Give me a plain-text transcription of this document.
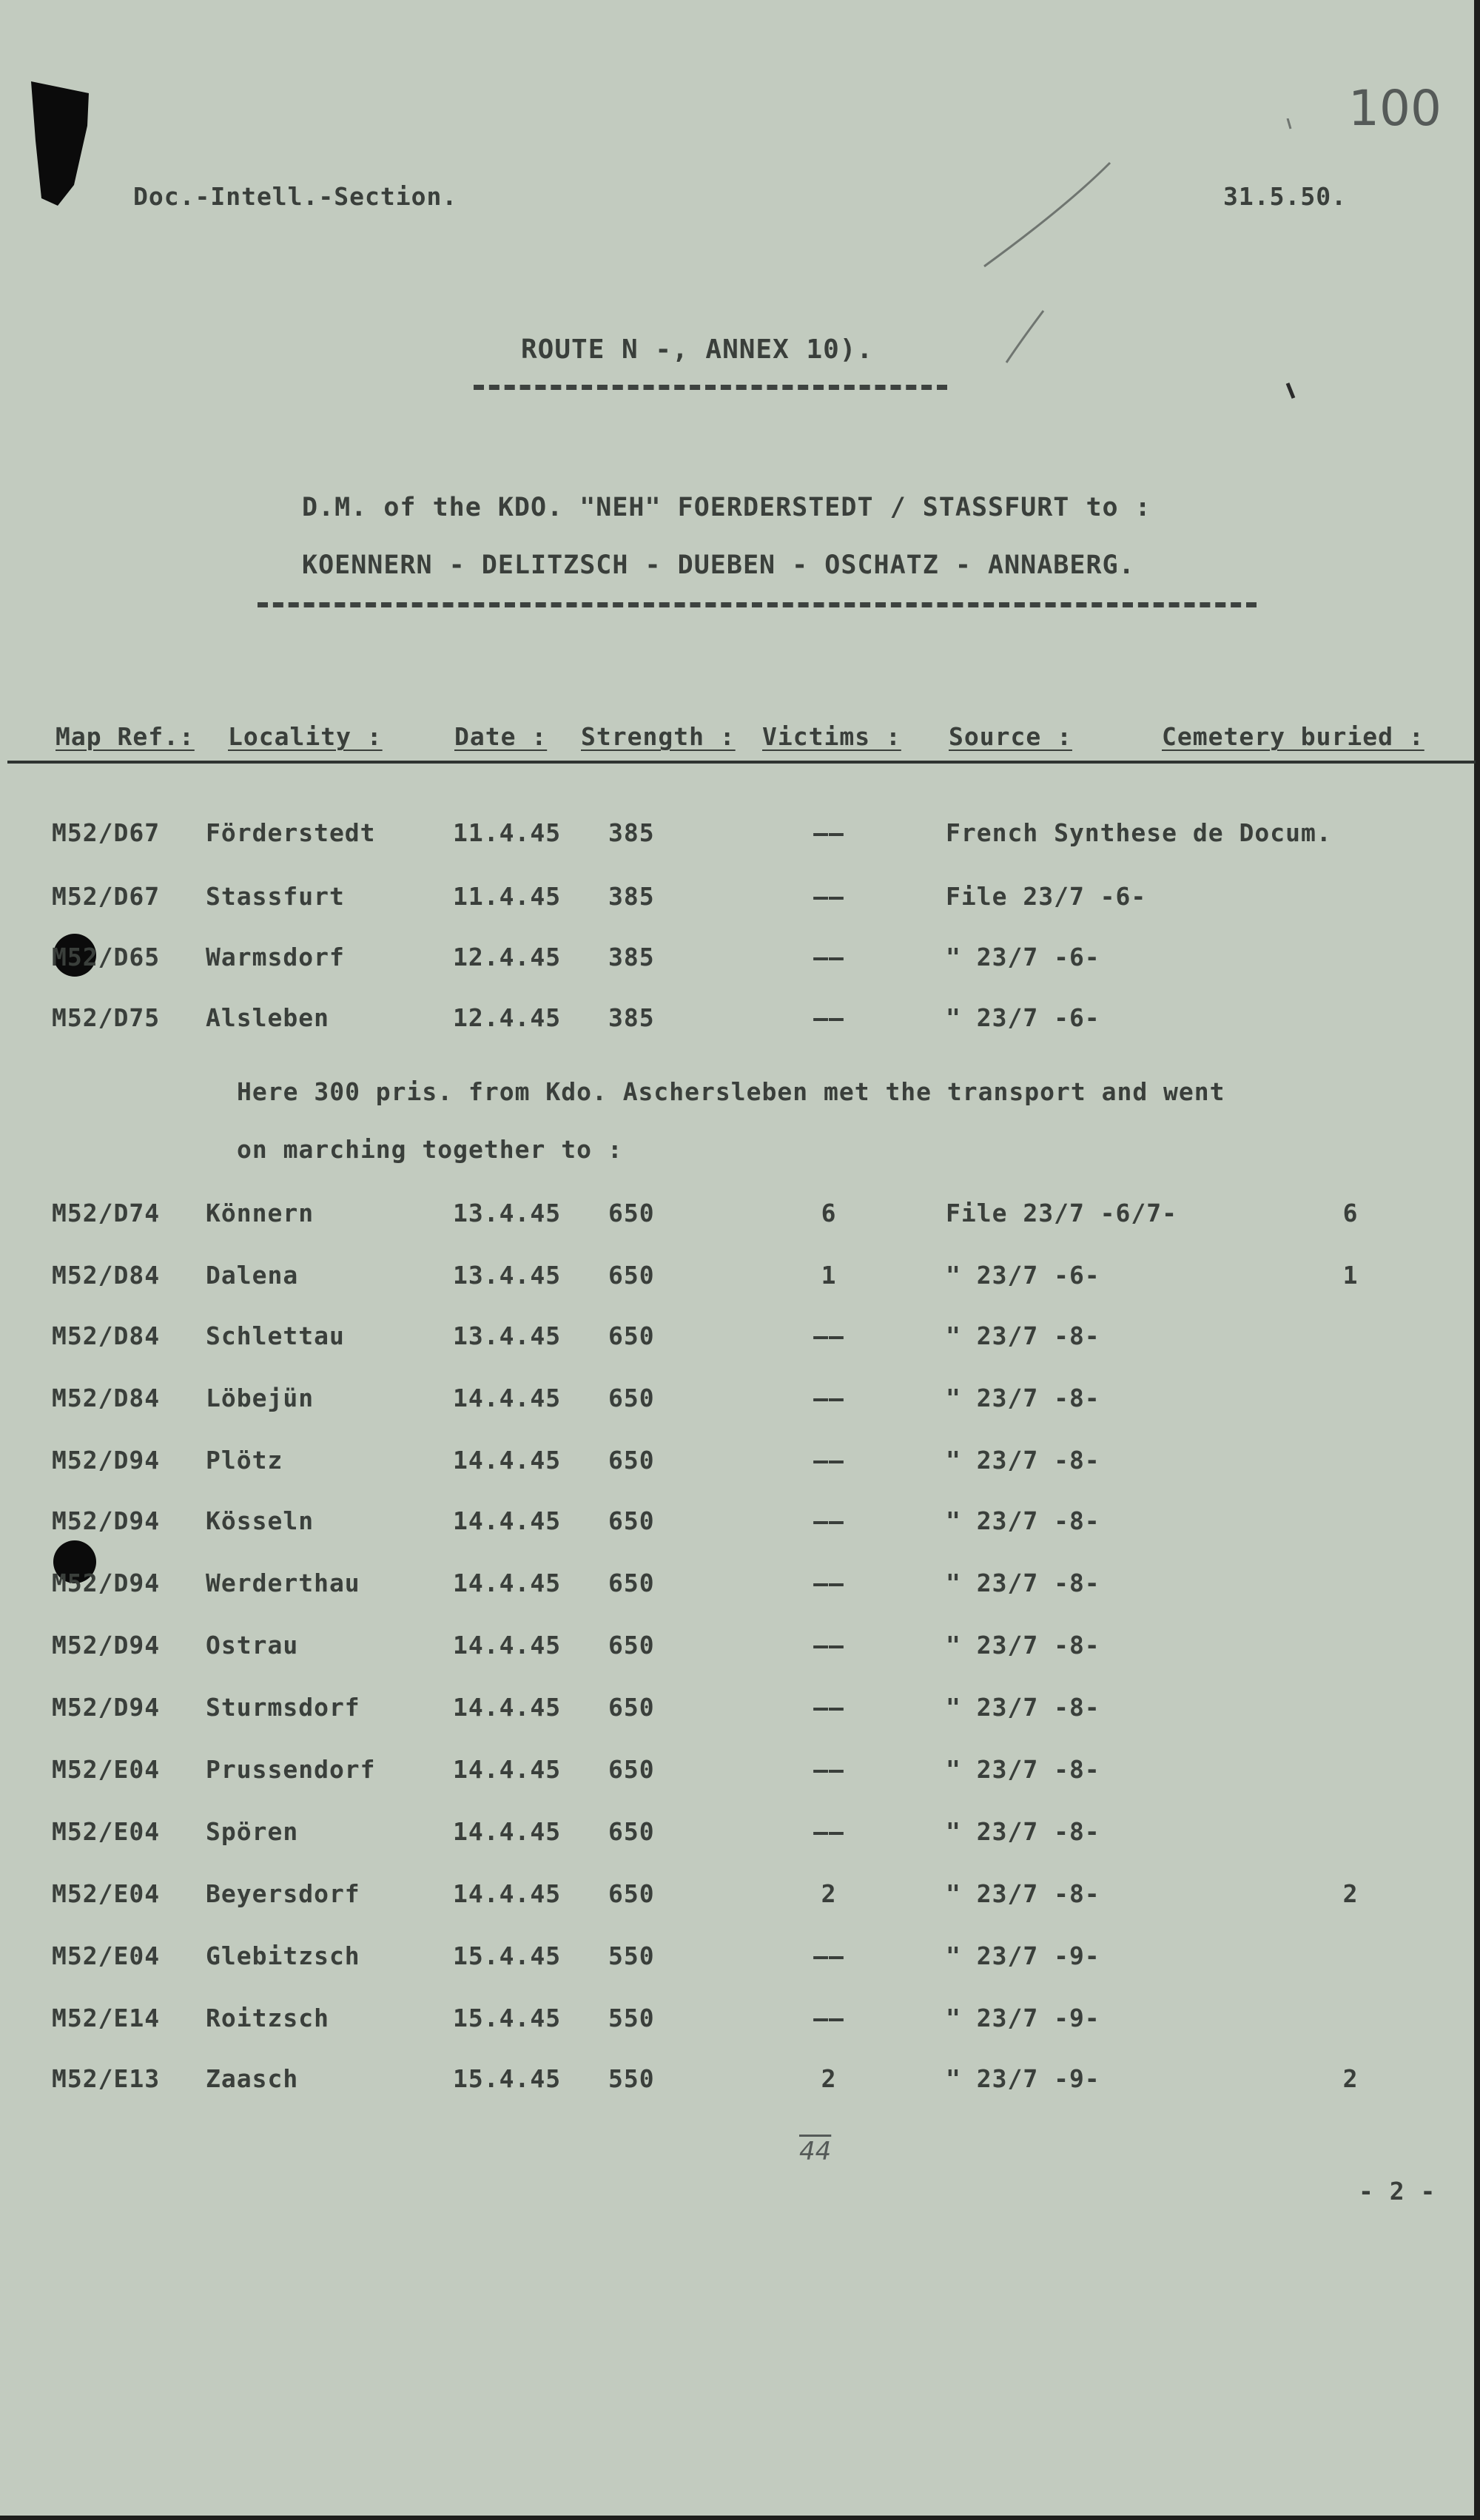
100
Doc.-Intell.-Section.	31.5.50.
ROUTE N -, ANNEX 10).
D.M. of the KDO. "NEH" FOERDERSTEDT / STASSFURT to :
KOENNERN - DELITZSCH - DUEBEN - OSCHATZ - ANNABERG.
Map Ref.: Locality :	Date : Strength : Victims : Source :	Cemetery buried :
M52/D67 Förderstedt	11.4.45 385	——	French Synthese de Docum.
M52/D67 Stassfurt	11.4.45 385	——	File 23/7 -6-
M52/D65 Warmsdorf	12.4.45 385	——	" 23/7 -6-
M52/D75 Alsleben	12.4.45 385	——	" 23/7 -6-
Here 300 pris. from Kdo. Aschersleben met the transport and went
on marching together to :
M52/D74 Könnern	13.4.45 650	6	File 23/7 -6/7-	6
M52/D84 Dalena	13.4.45 650	1	" 23/7 -6-	1
M52/D84 Schlettau	13.4.45 650	——	" 23/7 -8-
M52/D84 Löbejün	14.4.45 650	——	" 23/7 -8-
M52/D94 Plötz	14.4.45 650	——	" 23/7 -8-
M52/D94 Kösseln	14.4.45 650	——	" 23/7 -8-
M52/D94 Werderthau	14.4.45 650	——	" 23/7 -8-
M52/D94 Ostrau	14.4.45 650	——	" 23/7 -8-
M52/D94 Sturmsdorf	14.4.45 650	——	" 23/7 -8-
M52/E04 Prussendorf	14.4.45 650	——	" 23/7 -8-
M52/E04 Spören	14.4.45 650	——	" 23/7 -8-
M52/E04 Beyersdorf	14.4.45 650	2	" 23/7 -8-	2
M52/E04 Glebitzsch	15.4.45 550	——	" 23/7 -9-
M52/E14 Roitzsch	15.4.45 550	——	" 23/7 -9-
M52/E13 Zaasch	15.4.45 550	2	" 23/7 -9-	2
44
- 2 -
